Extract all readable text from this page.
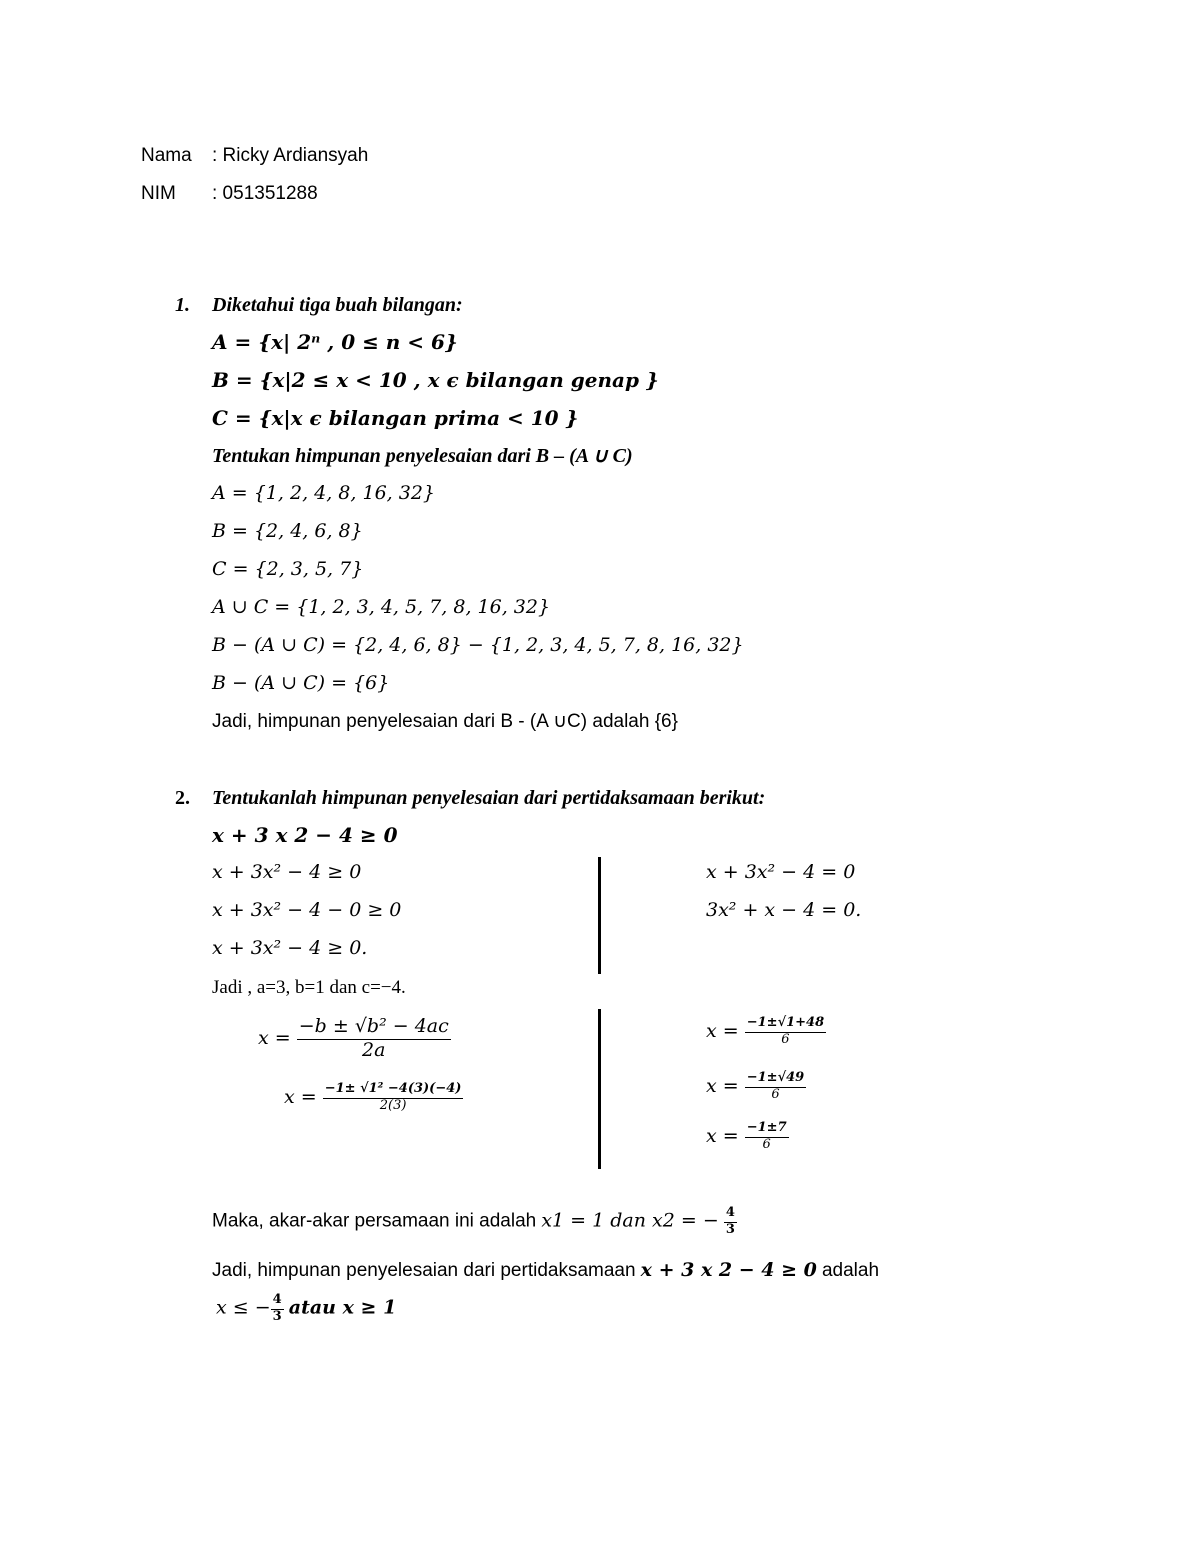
Nama : Ricky Ardiansyah
NIM : 051351288
1. Diketahui tiga buah bilangan:
A = {x| 2ⁿ , 0 ≤ n < 6}
B = {x|2 ≤ x < 10 , x ϵ bilangan genap }
C = {x|x ϵ bilangan prima < 10 }
Tentukan himpunan penyelesaian dari B – (A ∪ C)
A = {1, 2, 4, 8, 16, 32}
B = {2, 4, 6, 8}
C = {2, 3, 5, 7}
A ∪ C = {1, 2, 3, 4, 5, 7, 8, 16, 32}
B − (A ∪ C) = {2, 4, 6, 8} − {1, 2, 3, 4, 5, 7, 8, 16, 32}
B − (A ∪ C) = {6}
Jadi, himpunan penyelesaian dari B - (A ∪C) adalah {6}
2. Tentukanlah himpunan penyelesaian dari pertidaksamaan berikut:
x + 3 x 2 − 4 ≥ 0
x + 3x² − 4 ≥ 0
x + 3x² − 4 − 0 ≥ 0
x + 3x² − 4 ≥ 0.
x + 3x² − 4 = 0
3x² + x − 4 = 0.
Jadi , a=3, b=1 dan c=−4.
$x = \frac{\text{−b ± √b² − 4ac}}{2a}$
$x = \frac{\text{−1± √1² −4(3)(−4)}}{2(3)}$
$x = \frac{-1\pm√1+48}{6}$
$x = \frac{-1\pm√49}{6}$
$x = \frac{-1\pm 7}{6}$
Maka, akar-akar persamaan ini adalah x1 = 1 dan x2 = − $\frac{4}{3}$
Jadi, himpunan penyelesaian dari pertidaksamaan x + 3 x 2 − 4 ≥ 0 adalah
x ≤ − $\frac{4}{3}$ atau x ≥ 1
